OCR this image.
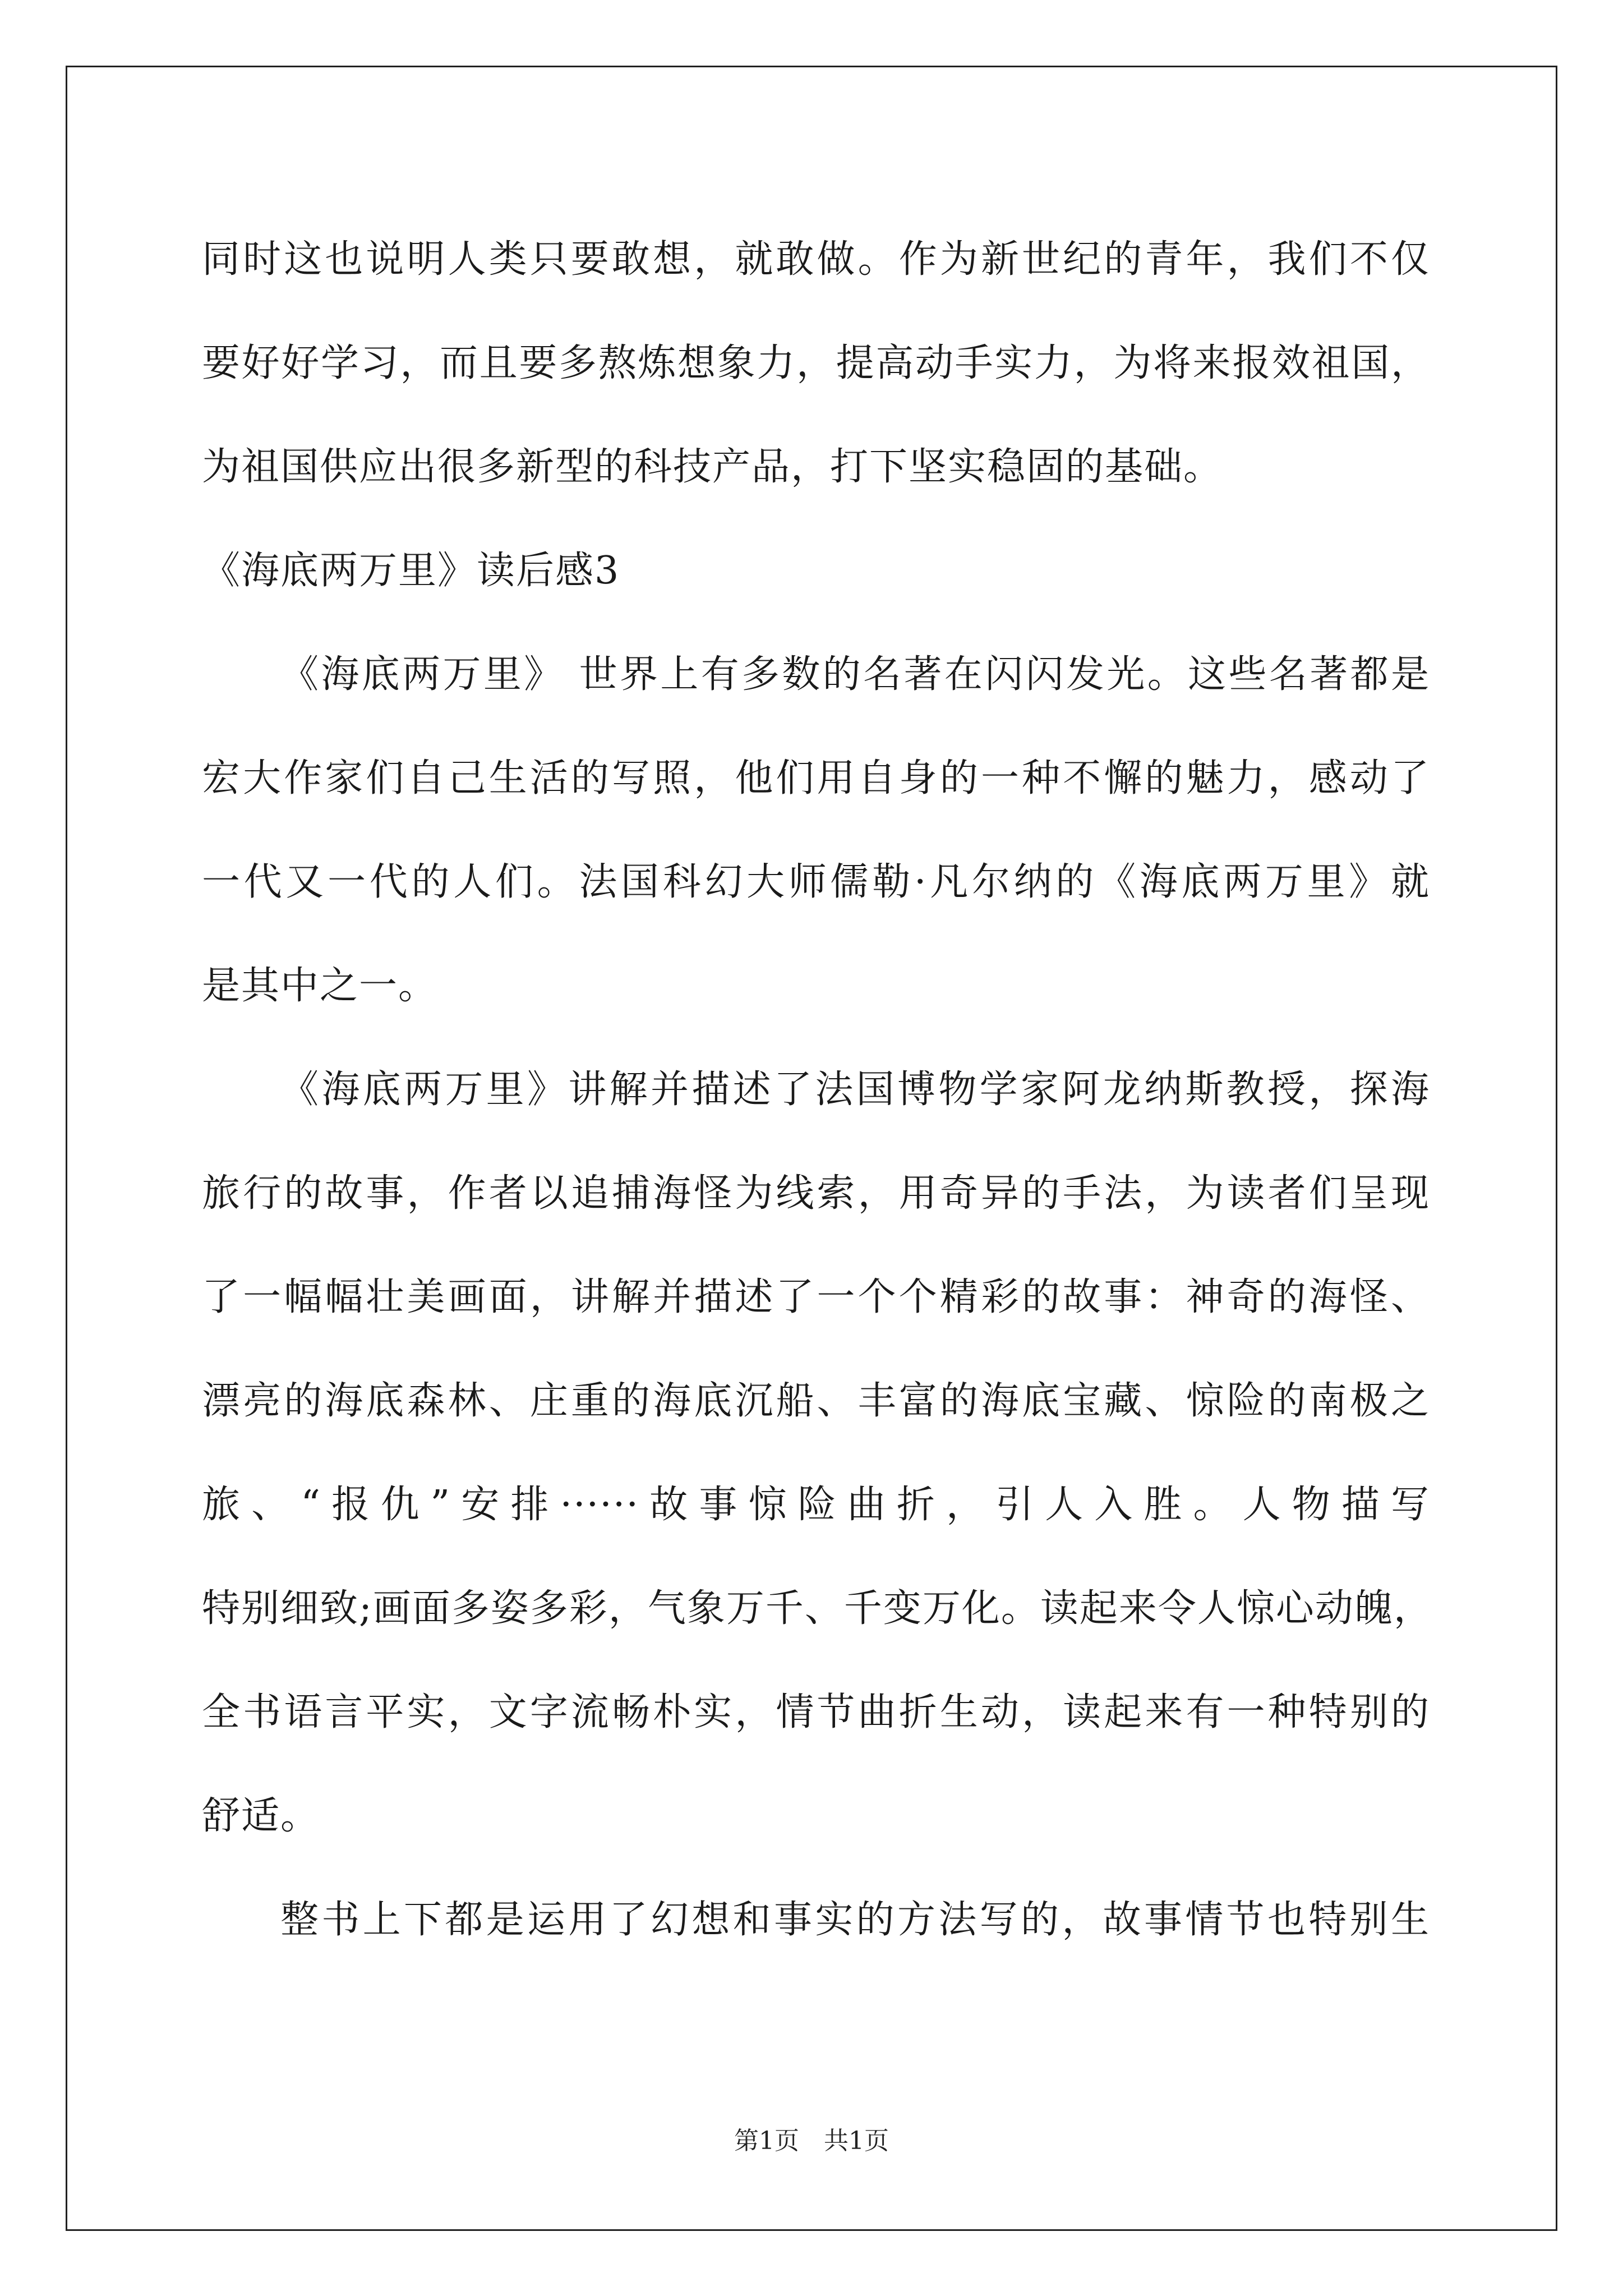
同时这也说明人类只要敢想，就敢做。作为新世纪的青年，我们不仅
要好好学习，而且要多熬炼想象力，提高动手实力，为将来报效祖国，
为祖国供应出很多新型的科技产品，打下坚实稳固的基础。
《海底两万里》读后感3
《海底两万里》 世界上有多数的名著在闪闪发光。这些名著都是
宏大作家们自己生活的写照，他们用自身的一种不懈的魅力，感动了
一代又一代的人们。法国科幻大师儒勒·凡尔纳的《海底两万里》就
是其中之一。
《海底两万里》讲解并描述了法国博物学家阿龙纳斯教授，探海
旅行的故事，作者以追捕海怪为线索，用奇异的手法，为读者们呈现
了一幅幅壮美画面，讲解并描述了一个个精彩的故事：神奇的海怪、
漂亮的海底森林、庄重的海底沉船、丰富的海底宝藏、惊险的南极之
旅、“报仇”安排······故事惊险曲折，引人入胜。人物描写
特别细致;画面多姿多彩，气象万千、千变万化。读起来令人惊心动魄，
全书语言平实，文字流畅朴实，情节曲折生动，读起来有一种特别的
舒适。
整书上下都是运用了幻想和事实的方法写的，故事情节也特别生
第1页　共1页
